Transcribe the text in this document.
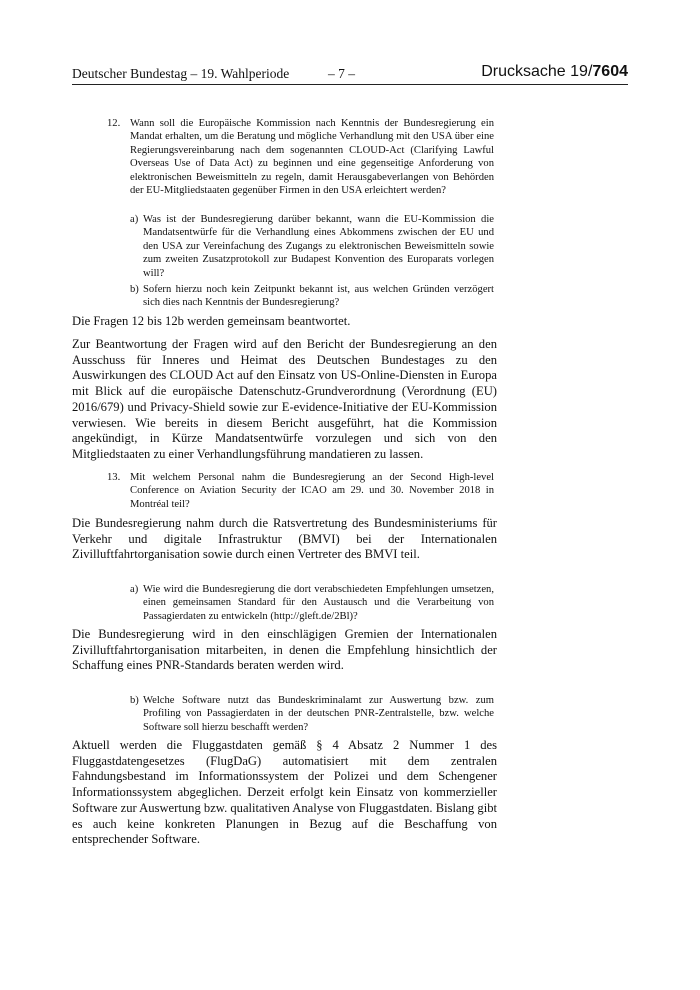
Deutscher Bundestag – 19. Wahlperiode	– 7 –	Drucksache 19/7604
12. Wann soll die Europäische Kommission nach Kenntnis der Bundesregierung ein Mandat erhalten, um die Beratung und mögliche Verhandlung mit den USA über eine Regierungsvereinbarung nach dem sogenannten CLOUD-Act (Clarifying Lawful Overseas Use of Data Act) zu beginnen und eine gegenseitige Anforderung von elektronischen Beweismitteln zu regeln, damit Herausgabeverlangen von Behörden der EU-Mitgliedstaaten gegenüber Firmen in den USA erleichtert werden?
a) Was ist der Bundesregierung darüber bekannt, wann die EU-Kommission die Mandatsentwürfe für die Verhandlung eines Abkommens zwischen der EU und den USA zur Vereinfachung des Zugangs zu elektronischen Beweismitteln sowie zum zweiten Zusatzprotokoll zur Budapest Konvention des Europarats vorlegen will?
b) Sofern hierzu noch kein Zeitpunkt bekannt ist, aus welchen Gründen verzögert sich dies nach Kenntnis der Bundesregierung?
Die Fragen 12 bis 12b werden gemeinsam beantwortet.
Zur Beantwortung der Fragen wird auf den Bericht der Bundesregierung an den Ausschuss für Inneres und Heimat des Deutschen Bundestages zu den Auswirkungen des CLOUD Act auf den Einsatz von US-Online-Diensten in Europa mit Blick auf die europäische Datenschutz-Grundverordnung (Verordnung (EU) 2016/679) und Privacy-Shield sowie zur E-evidence-Initiative der EU-Kommission verwiesen. Wie bereits in diesem Bericht ausgeführt, hat die Kommission angekündigt, in Kürze Mandatsentwürfe vorzulegen und sich von den Mitgliedstaaten zu einer Verhandlungsführung mandatieren zu lassen.
13. Mit welchem Personal nahm die Bundesregierung an der Second High-level Conference on Aviation Security der ICAO am 29. und 30. November 2018 in Montréal teil?
Die Bundesregierung nahm durch die Ratsvertretung des Bundesministeriums für Verkehr und digitale Infrastruktur (BMVI) bei der Internationalen Zivilluftfahrtorganisation sowie durch einen Vertreter des BMVI teil.
a) Wie wird die Bundesregierung die dort verabschiedeten Empfehlungen umsetzen, einen gemeinsamen Standard für den Austausch und die Verarbeitung von Passagierdaten zu entwickeln (http://gleft.de/2Bl)?
Die Bundesregierung wird in den einschlägigen Gremien der Internationalen Zivilluftfahrtorganisation mitarbeiten, in denen die Empfehlung hinsichtlich der Schaffung eines PNR-Standards beraten werden wird.
b) Welche Software nutzt das Bundeskriminalamt zur Auswertung bzw. zum Profiling von Passagierdaten in der deutschen PNR-Zentralstelle, bzw. welche Software soll hierzu beschafft werden?
Aktuell werden die Fluggastdaten gemäß § 4 Absatz 2 Nummer 1 des Fluggastdatengesetzes (FlugDaG) automatisiert mit dem zentralen Fahndungsbestand im Informationssystem der Polizei und dem Schengener Informationssystem abgeglichen. Derzeit erfolgt kein Einsatz von kommerzieller Software zur Auswertung bzw. qualitativen Analyse von Fluggastdaten. Bislang gibt es auch keine konkreten Planungen in Bezug auf die Beschaffung von entsprechender Software.
